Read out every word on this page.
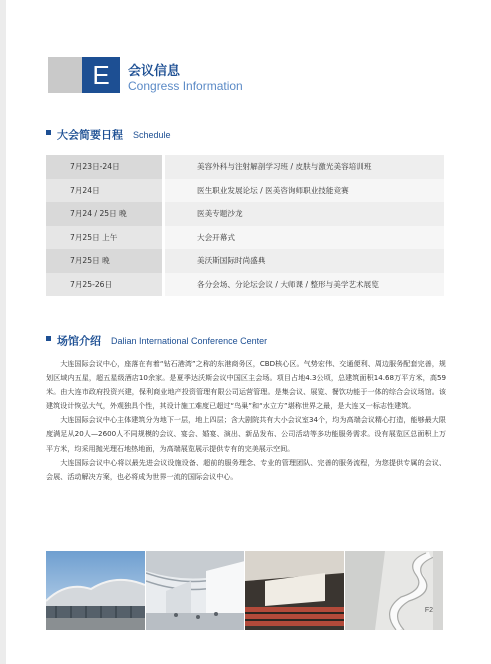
E	会议信息
Congress Information
大会简要日程 Schedule
7月23日-24日	美容外科与注射解剖学习班 / 皮肤与激光美容培训班
7月24日	医生职业发展论坛 / 医美咨询师职业技能竞赛
7月24 / 25日 晚	医美专题沙龙
7月25日 上午	大会开幕式
7月25日 晚	美沃斯国际时尚盛典
7月25-26日	各分会场、分论坛会议 / 大师课 / 整形与美学艺术展览
场馆介绍 Dalian International Conference Center

大连国际会议中心，座落在有着“钻石港湾”之称的东港商务区，CBD核心区。气势宏伟、交通便利、周边服务配套完善，规划区域内五星，超五星级酒店10余家。是夏季达沃斯会议中国区主会场。项目占地4.3公顷，总建筑面积14.68万平方米，高59米。由大连市政府投资兴建，保利商业地产投资管理有限公司运营管理。是集会议、展览、餐饮功能于一体的综合会议场馆。该建筑设计恢弘大气，外观独具个性，其设计施工难度已超过“鸟巢”和“水立方”堪称世界之最，是大连又一标志性建筑。

大连国际会议中心主体建筑分为地下一层，地上四层；含大剧院共有大小会议室34个，均为高端会议精心打造，能够最大限度满足从20人—2600人不同规模的会议、宴会、婚宴、演出、新品发布、公司活动等多功能服务需求。设有展览区总面积上万平方米，均采用抛光理石地热地面，为高端展览展示提供专有的完美展示空间。

大连国际会议中心将以最先进会议设施设备、超前的服务理念、专业的管理团队、完善的服务流程，为您提供专属的会议、会展、活动解决方案，也必将成为世界一流的国际会议中心。

F2
